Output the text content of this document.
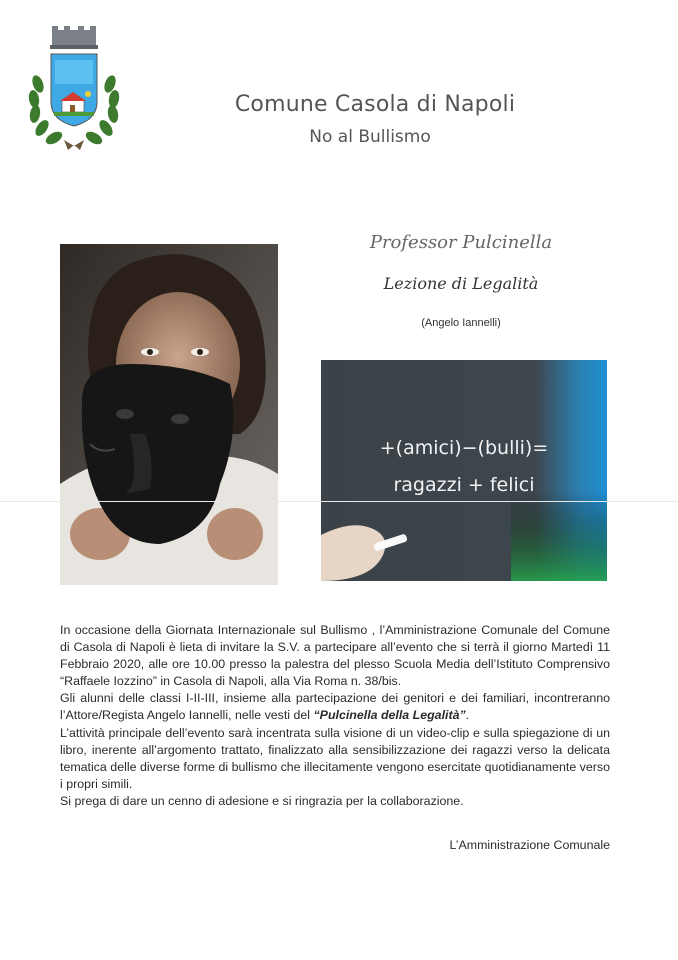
Comune Casola di Napoli
No al Bullismo
Professor Pulcinella
Lezione di Legalità
(Angelo Iannelli)
+(amici)−(bulli)=
ragazzi + felici

In occasione della Giornata Internazionale sul Bullismo , l’Amministrazione Comunale del Comune di Casola di Napoli è lieta di invitare la S.V. a partecipare all’evento che si terrà il giorno Martedì 11 Febbraio 2020, alle ore 10.00 presso la palestra del plesso Scuola Media dell’Istituto Comprensivo “Raffaele Iozzino” in Casola di Napoli, alla Via Roma n. 38/bis.

Gli alunni delle classi I-II-III, insieme alla partecipazione dei genitori e dei familiari, incontreranno l’Attore/Regista Angelo Iannelli, nelle vesti del “Pulcinella della Legalità”.

L’attività principale dell’evento sarà incentrata sulla visione di un video-clip e sulla spiegazione di un libro, inerente all’argomento trattato, finalizzato alla sensibilizzazione dei ragazzi verso la delicata tematica delle diverse forme di bullismo che illecitamente vengono esercitate quotidianamente verso i propri simili.

Si prega di dare un cenno di adesione e si ringrazia per la collaborazione.

L’Amministrazione Comunale
